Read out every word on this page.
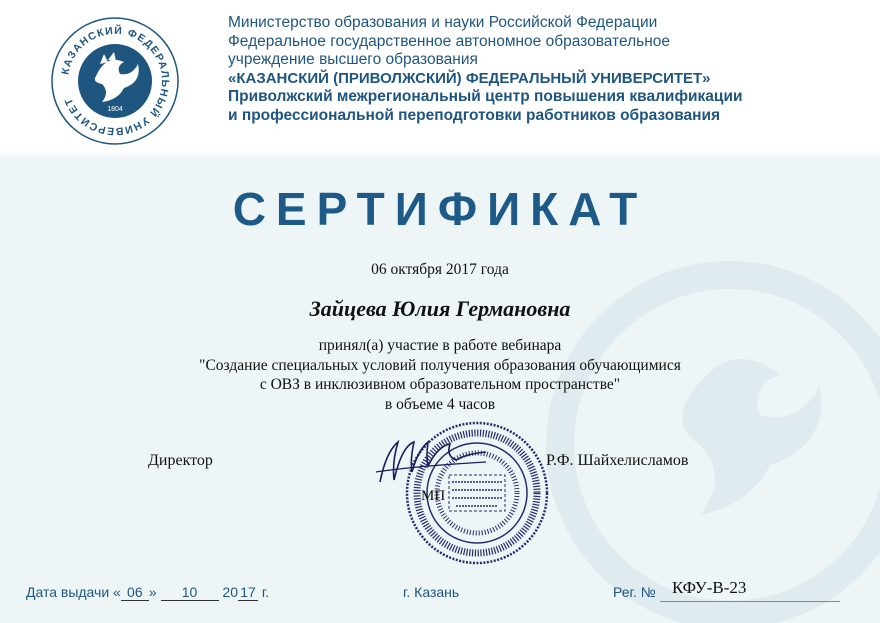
КАЗАНСКИЙ ФЕДЕРАЛЬНЫЙ УНИВЕРСИТЕТ
1804
Министерство образования и науки Российской Федерации
Федеральное государственное автономное образовательное
учреждение высшего образования
«КАЗАНСКИЙ (ПРИВОЛЖСКИЙ) ФЕДЕРАЛЬНЫЙ УНИВЕРСИТЕТ»
Приволжский межрегиональный центр повышения квалификации
и профессиональной переподготовки работников образования
СЕРТИФИКАТ
06 октября 2017 года
Зайцева Юлия Германовна
принял(а) участие в работе вебинара
"Создание специальных условий получения образования обучающимися
с ОВЗ в инклюзивном образовательном пространстве"
в объеме 4 часов
Директор	Р.Ф. Шайхелисламов
МП
Дата выдачи « 06 » 10 20 17 г.	г. Казань	Рег. № КФУ-В-23
